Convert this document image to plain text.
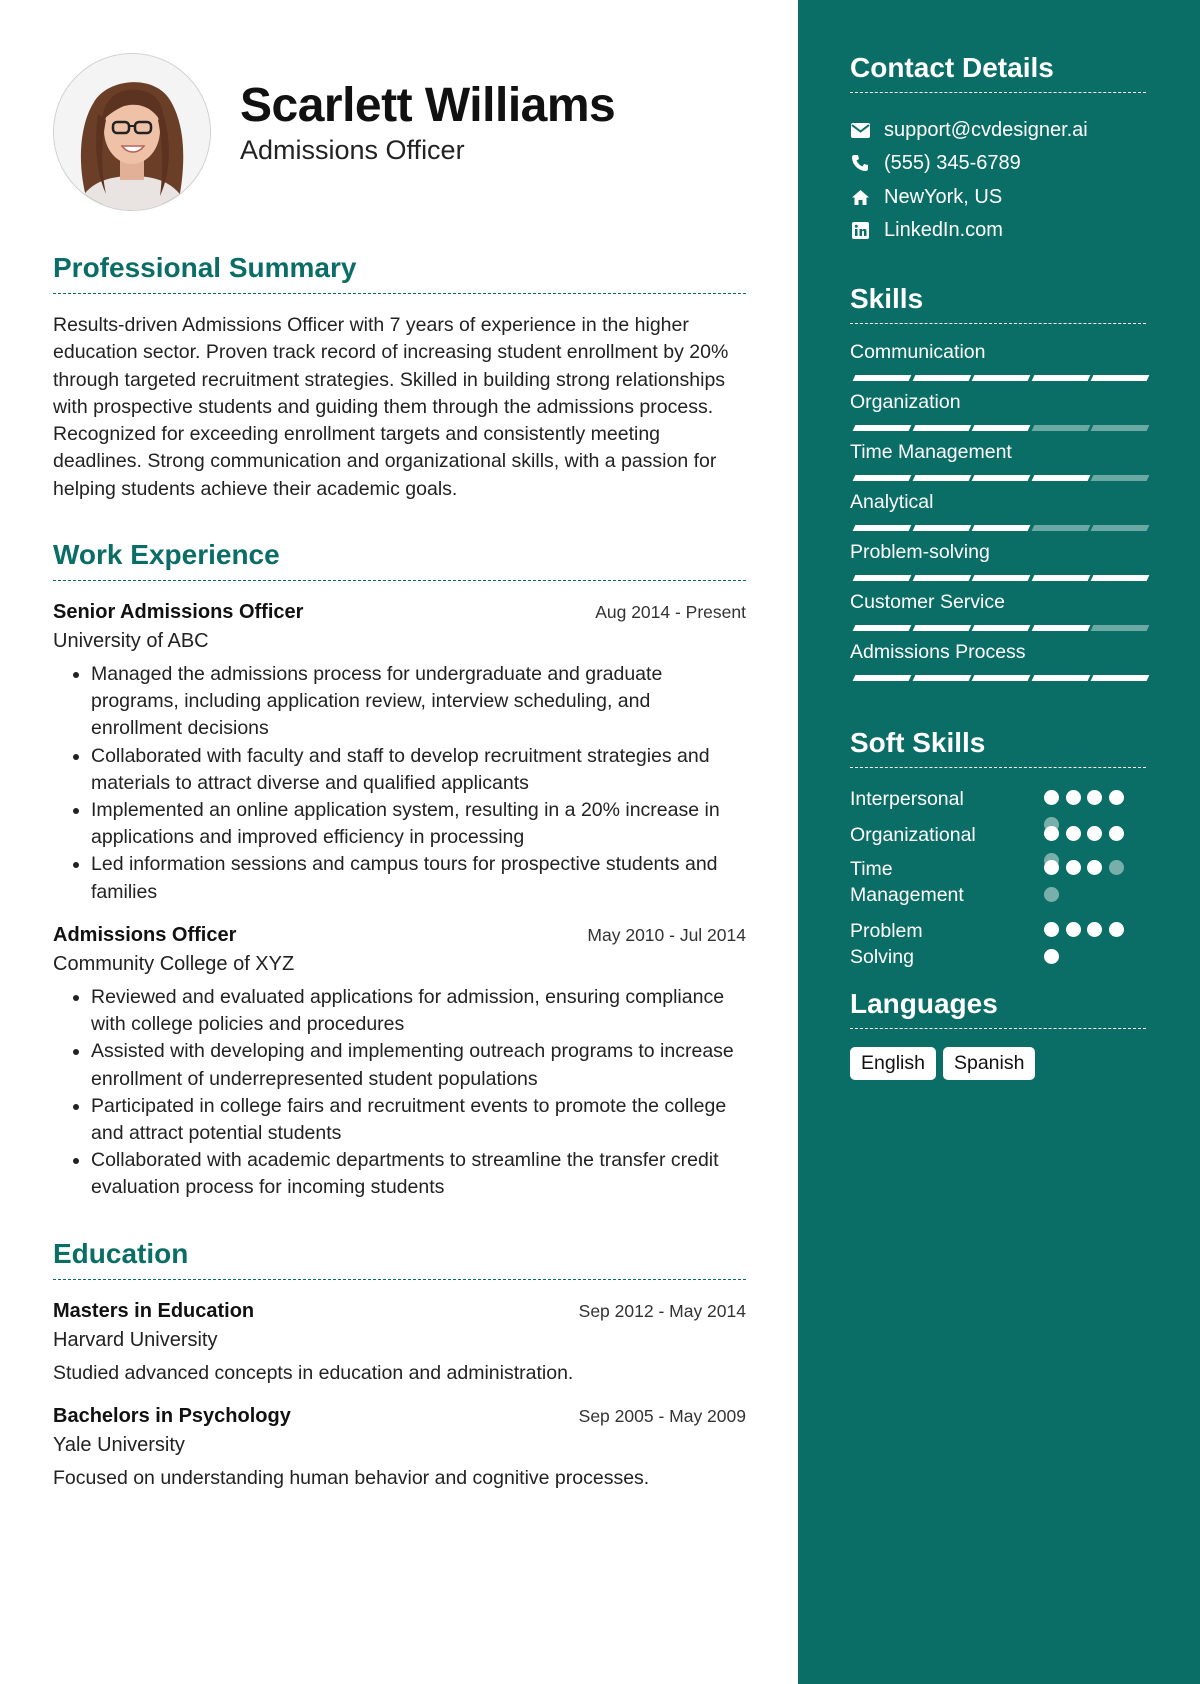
Scarlett Williams
Admissions Officer
Professional Summary

Results-driven Admissions Officer with 7 years of experience in the higher education sector. Proven track record of increasing student enrollment by 20% through targeted recruitment strategies. Skilled in building strong relationships with prospective students and guiding them through the admissions process. Recognized for exceeding enrollment targets and consistently meeting deadlines. Strong communication and organizational skills, with a passion for helping students achieve their academic goals.

Work Experience
Senior Admissions Officer	Aug 2014 - Present
University of ABC
• Managed the admissions process for undergraduate and graduate programs, including application review, interview scheduling, and enrollment decisions
• Collaborated with faculty and staff to develop recruitment strategies and materials to attract diverse and qualified applicants
• Implemented an online application system, resulting in a 20% increase in applications and improved efficiency in processing
• Led information sessions and campus tours for prospective students and families
Admissions Officer	May 2010 - Jul 2014
Community College of XYZ
• Reviewed and evaluated applications for admission, ensuring compliance with college policies and procedures
• Assisted with developing and implementing outreach programs to increase enrollment of underrepresented student populations
• Participated in college fairs and recruitment events to promote the college and attract potential students
• Collaborated with academic departments to streamline the transfer credit evaluation process for incoming students
Education
Masters in Education	Sep 2012 - May 2014
Harvard University
Studied advanced concepts in education and administration.
Bachelors in Psychology	Sep 2005 - May 2009
Yale University
Focused on understanding human behavior and cognitive processes.
Contact Details
support@cvdesigner.ai
(555) 345-6789
NewYork, US
LinkedIn.com
Skills
Communication
Organization
Time Management
Analytical
Problem-solving
Customer Service
Admissions Process
Soft Skills
Interpersonal
Organizational
Time Management
Problem Solving
Languages
English	Spanish
